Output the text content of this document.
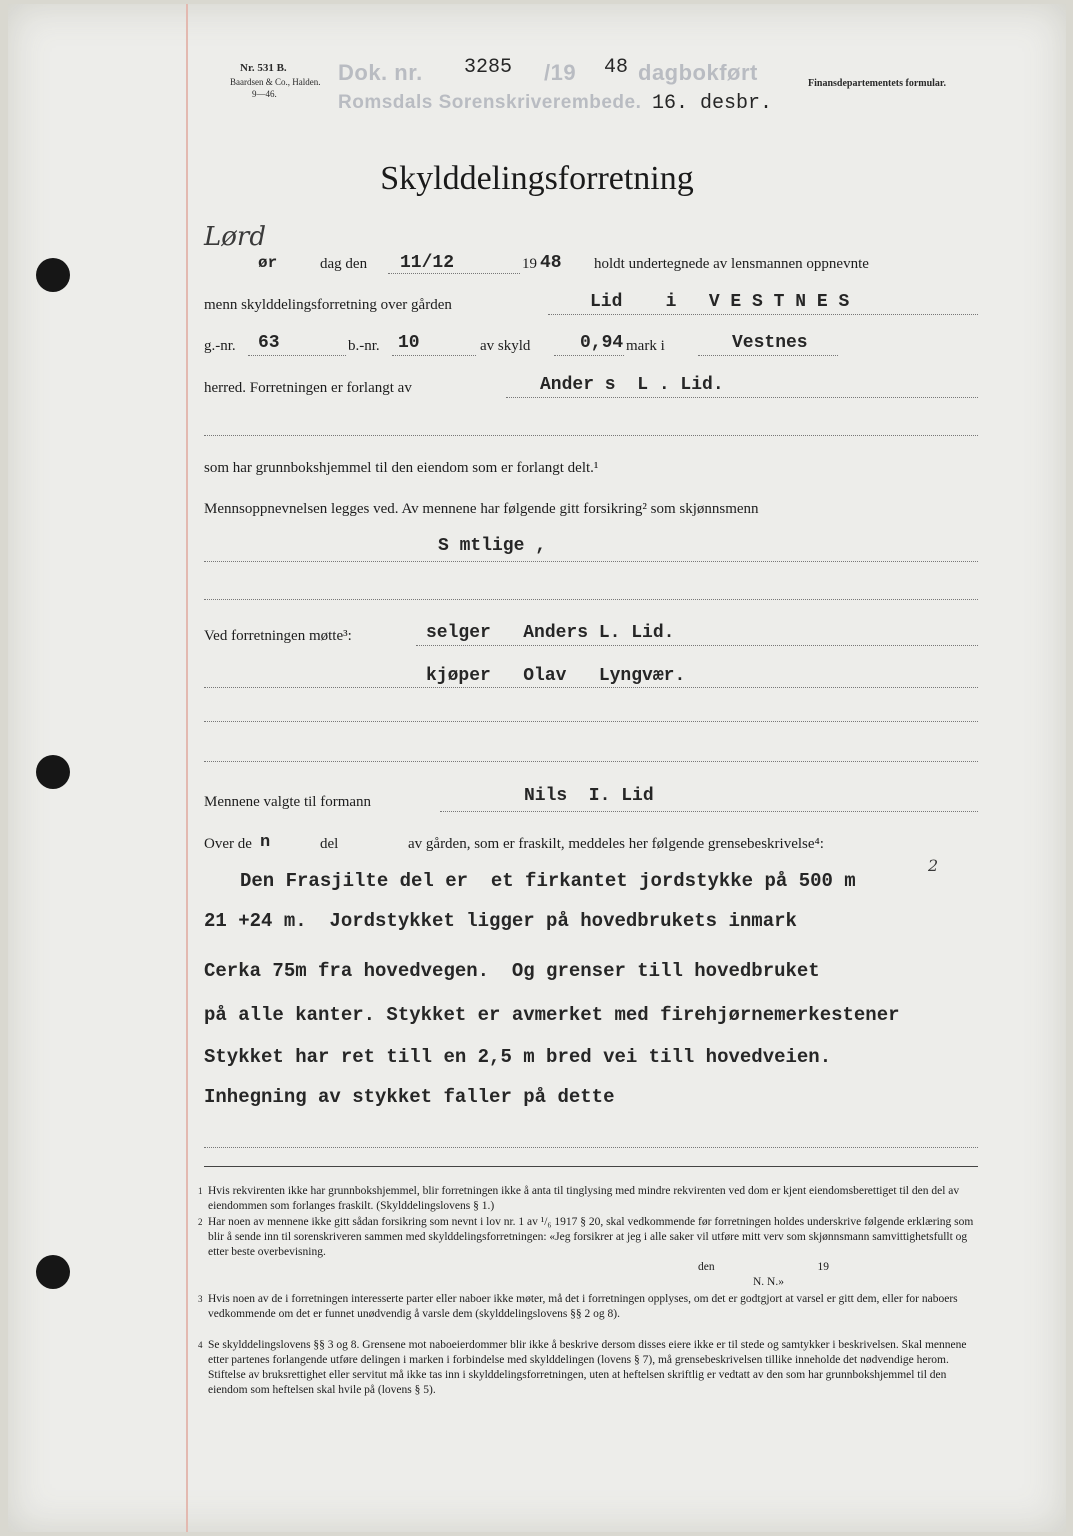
Nr. 531 B.
Baardsen & Co., Halden.
9—46.
Dok. nr. 3285 /19 48 dagbokført
Romsdals Sorenskriverembede. 16. desbr.
Finansdepartementets formular.
Skylddelingsforretning
Lørd
ør	dag den 11/12	19 48 holdt undertegnede av lensmannen oppnevnte
menn skylddelingsforretning over gården	Lid    i   V E S T N E S
g.-nr. 63	b.-nr. 10	av skyld	0,94 mark i	Vestnes
herred. Forretningen er forlangt av	Ander s  L . Lid.
som har grunnbokshjemmel til den eiendom som er forlangt delt.¹
Mennsoppnevnelsen legges ved. Av mennene har følgende gitt forsikring² som skjønnsmenn
S mtlige ,
Ved forretningen møtte³:	selger   Anders L. Lid.
kjøper   Olav   Lyngvær.
Mennene valgte til formann	Nils  I. Lid
Over de n	del	av gården, som er fraskilt, meddeles her følgende grensebeskrivelse⁴:
Den Frasjilte del er  et firkantet jordstykke på 500 m
2
21 +24 m.  Jordstykket ligger på hovedbrukets inmark
Cerka 75m fra hovedvegen.  Og grenser till hovedbruket
på alle kanter. Stykket er avmerket med firehjørnemerkestener
Stykket har ret till en 2,5 m bred vei till hovedveien.
Inhegning av stykket faller på dette
1 Hvis rekvirenten ikke har grunnbokshjemmel, blir forretningen ikke å anta til tinglysing med mindre rekvirenten ved dom er kjent eiendomsberettiget til den del av eiendommen som forlanges fraskilt. (Skylddelingslovens § 1.)
2 Har noen av mennene ikke gitt sådan forsikring som nevnt i lov nr. 1 av ¹/₆ 1917 § 20, skal vedkommende før forretningen holdes underskrive følgende erklæring som blir å sende inn til sorenskriveren sammen med skylddelingsforretningen: «Jeg forsikrer at jeg i alle saker vil utføre mitt verv som skjønnsmann samvittighetsfullt og etter beste overbevisning.
den	19
N. N.»
3 Hvis noen av de i forretningen interesserte parter eller naboer ikke møter, må det i forretningen opplyses, om det er godtgjort at varsel er gitt dem, eller for naboers vedkommende om det er funnet unødvendig å varsle dem (skylddelingslovens §§ 2 og 8).
4 Se skylddelingslovens §§ 3 og 8. Grensene mot naboeierdommer blir ikke å beskrive dersom disses eiere ikke er til stede og samtykker i beskrivelsen. Skal mennene etter partenes forlangende utføre delingen i marken i forbindelse med skylddelingen (lovens § 7), må grensebeskrivelsen tillike inneholde det nødvendige herom. Stiftelse av bruksrettighet eller servitut må ikke tas inn i skylddelingsforretningen, uten at heftelsen skriftlig er vedtatt av den som har grunnbokshjemmel til den eiendom som heftelsen skal hvile på (lovens § 5).
